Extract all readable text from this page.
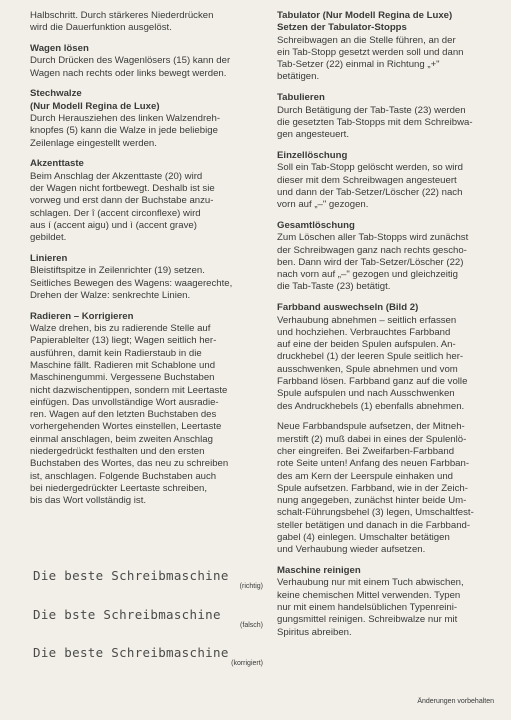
Halbschritt. Durch stärkeres Niederdrücken
wird die Dauerfunktion ausgelöst.
Wagen lösen
Durch Drücken des Wagenlösers (15) kann der
Wagen nach rechts oder links bewegt werden.
Stechwalze
(Nur Modell Regina de Luxe)
Durch Herausziehen des linken Walzendreh-
knopfes (5) kann die Walze in jede beliebige
Zeilenlage eingestellt werden.
Akzenttaste
Beim Anschlag der Akzenttaste (20) wird
der Wagen nicht fortbewegt. Deshalb ist sie
vorweg und erst dann der Buchstabe anzu-
schlagen. Der î (accent circonflexe) wird
aus í (accent aigu) und ì (accent grave)
gebildet.
Linieren
Bleistiftspitze in Zeilenrichter (19) setzen.
Seitliches Bewegen des Wagens: waagerechte,
Drehen der Walze: senkrechte Linien.
Radieren – Korrigieren
Walze drehen, bis zu radierende Stelle auf
Papierablelter (13) liegt; Wagen seitlich her-
ausführen, damit kein Radierstaub in die
Maschine fällt. Radieren mit Schablone und
Maschinengummi. Vergessene Buchstaben
nicht dazwischentippen, sondern mit Leertaste
einfügen. Das unvollständige Wort ausradie-
ren. Wagen auf den letzten Buchstaben des
vorhergehenden Wortes einstellen, Leertaste
einmal anschlagen, beim zweiten Anschlag
niedergedrückt festhalten und den ersten
Buchstaben des Wortes, das neu zu schreiben
ist, anschlagen. Folgende Buchstaben auch
bei niedergedrückter Leertaste schreiben,
bis das Wort vollständig ist.
Tabulator (Nur Modell Regina de Luxe)
Setzen der Tabulator-Stopps
Schreibwagen an die Stelle führen, an der
ein Tab-Stopp gesetzt werden soll und dann
Tab-Setzer (22) einmal in Richtung „+"
betätigen.
Tabulieren
Durch Betätigung der Tab-Taste (23) werden
die gesetzten Tab-Stopps mit dem Schreibwa-
gen angesteuert.
Einzellöschung
Soll ein Tab-Stopp gelöscht werden, so wird
dieser mit dem Schreibwagen angesteuert
und dann der Tab-Setzer/Löscher (22) nach
vorn auf „–" gezogen.
Gesamtlöschung
Zum Löschen aller Tab-Stopps wird zunächst
der Schreibwagen ganz nach rechts gescho-
ben. Dann wird der Tab-Setzer/Löscher (22)
nach vorn auf „–" gezogen und gleichzeitig
die Tab-Taste (23) betätigt.
Farbband auswechseln (Bild 2)
Verhaubung abnehmen – seitlich erfassen
und hochziehen. Verbrauchtes Farbband
auf eine der beiden Spulen aufspulen. An-
druckhebel (1) der leeren Spule seitlich her-
ausschwenken, Spule abnehmen und vom
Farbband lösen. Farbband ganz auf die volle
Spule aufspulen und nach Ausschwenken
des Andruckhebels (1) ebenfalls abnehmen.
Neue Farbbandspule aufsetzen, der Mitneh-
merstift (2) muß dabei in eines der Spulenlö-
cher eingreifen. Bei Zweifarben-Farbband
rote Seite unten! Anfang des neuen Farbban-
des am Kern der Leerspule einhaken und
Spule aufsetzen. Farbband, wie in der Zeich-
nung angegeben, zunächst hinter beide Um-
schalt-Führungsbehel (3) legen, Umschaltfest-
steller betätigen und danach in die Farbband-
gabel (4) einlegen. Umschalter betätigen
und Verhaubung wieder aufsetzen.
Maschine reinigen
Verhaubung nur mit einem Tuch abwischen,
keine chemischen Mittel verwenden. Typen
nur mit einem handelsüblichen Typenreini-
gungsmittel reinigen. Schreibwalze nur mit
Spiritus abreiben.
Die beste Schreibmaschine
(richtig)
Die bste Schreibmaschine
(falsch)
Die beste Schreibmaschine
(korrigiert)
Änderungen vorbehalten
